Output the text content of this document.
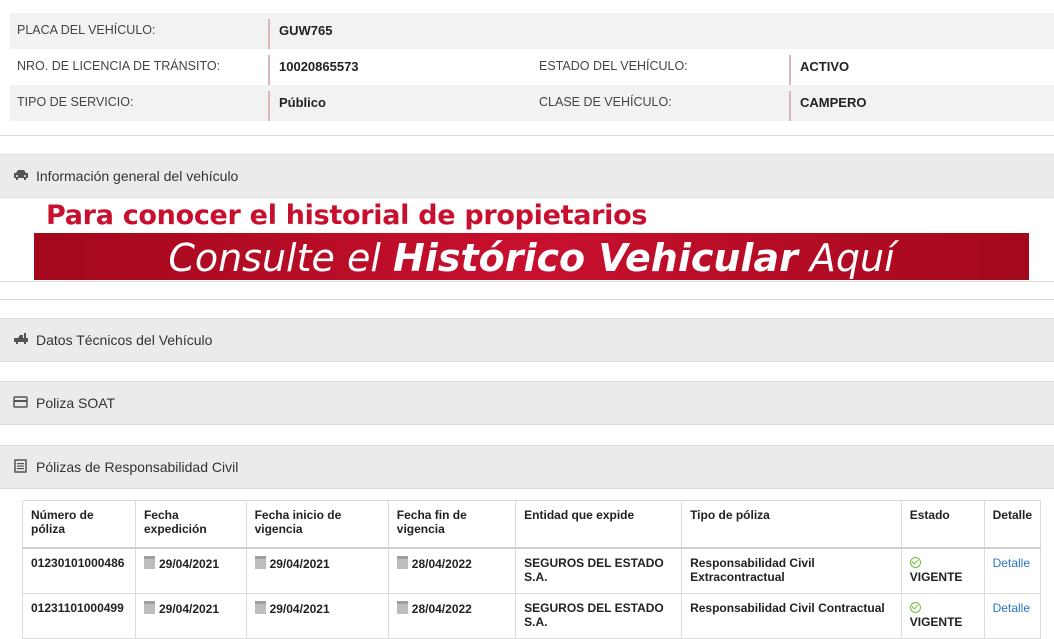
PLACA DEL VEHÍCULO:	GUW765
NRO. DE LICENCIA DE TRÁNSITO:	10020865573	ESTADO DEL VEHÍCULO:	ACTIVO
TIPO DE SERVICIO:	Público	CLASE DE VEHÍCULO:	CAMPERO
Información general del vehículo
Para conocer el historial de propietarios
Consulte el Histórico Vehicular Aquí
Datos Técnicos del Vehículo
Poliza SOAT
Pólizas de Responsabilidad Civil
Número de póliza	Fecha expedición	Fecha inicio de vigencia	Fecha fin de vigencia	Entidad que expide	Tipo de póliza	Estado	Detalle
01230101000486	29/04/2021	29/04/2021	28/04/2022	SEGUROS DEL ESTADO S.A.	Responsabilidad Civil Extracontractual	VIGENTE	Detalle
01231101000499	29/04/2021	29/04/2021	28/04/2022	SEGUROS DEL ESTADO S.A.	Responsabilidad Civil Contractual	VIGENTE	Detalle
